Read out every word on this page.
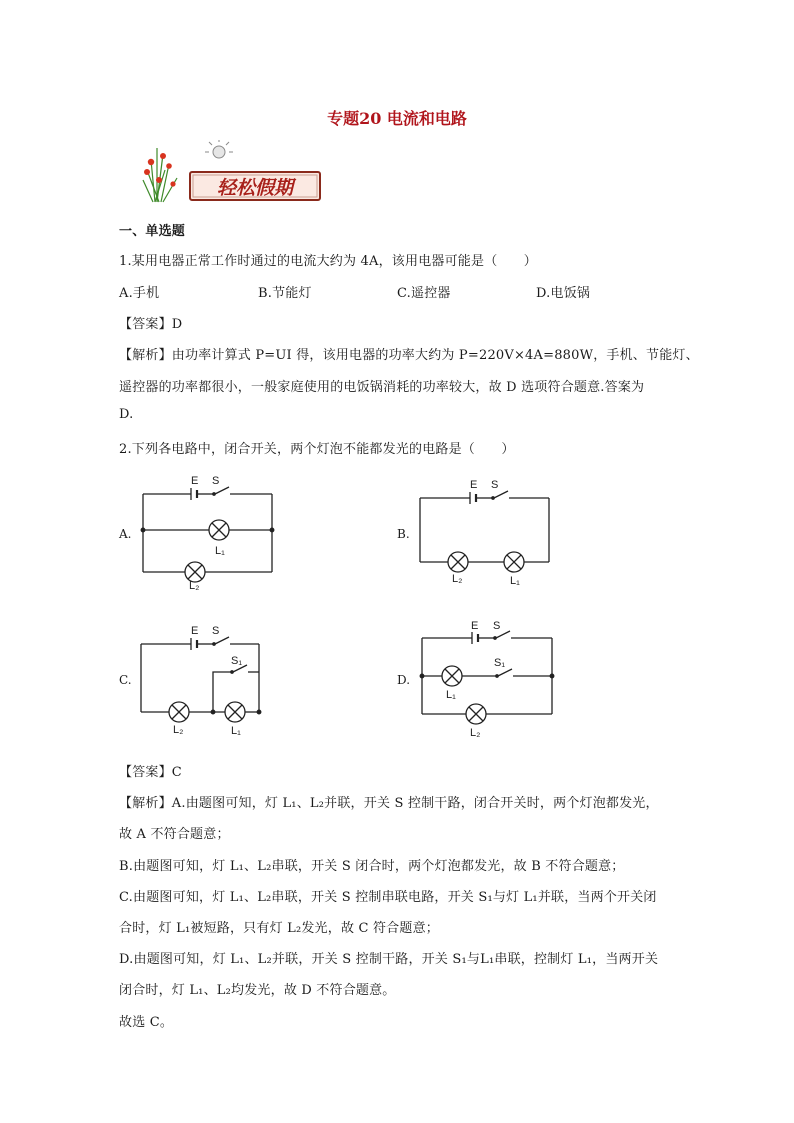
专题20 电流和电路
轻松假期
一、单选题
1.某用电器正常工作时通过的电流大约为 4A，该用电器可能是（　　）
A.手机	B.节能灯	C.遥控器	D.电饭锅
【答案】D
【解析】由功率计算式 P=UI 得，该用电器的功率大约为 P=220V×4A=880W，手机、节能灯、
遥控器的功率都很小，一般家庭使用的电饭锅消耗的功率较大，故 D 选项符合题意.答案为
D.
2.下列各电路中，闭合开关，两个灯泡不能都发光的电路是（　　）
A.
E S
L₁
L₂
B.
E S
L₂	L₁
C.
E S
S₁
L₂	L₁
D.
E S
S₁
L₁
L₂
【答案】C
【解析】A.由题图可知，灯 L₁、L₂并联，开关 S 控制干路，闭合开关时，两个灯泡都发光，
故 A 不符合题意；
B.由题图可知，灯 L₁、L₂串联，开关 S 闭合时，两个灯泡都发光，故 B 不符合题意；
C.由题图可知，灯 L₁、L₂串联，开关 S 控制串联电路，开关 S₁与灯 L₁并联，当两个开关闭
合时，灯 L₁被短路，只有灯 L₂发光，故 C 符合题意；
D.由题图可知，灯 L₁、L₂并联，开关 S 控制干路，开关 S₁与L₁串联，控制灯 L₁，当两开关
闭合时，灯 L₁、L₂均发光，故 D 不符合题意。
故选 C。
